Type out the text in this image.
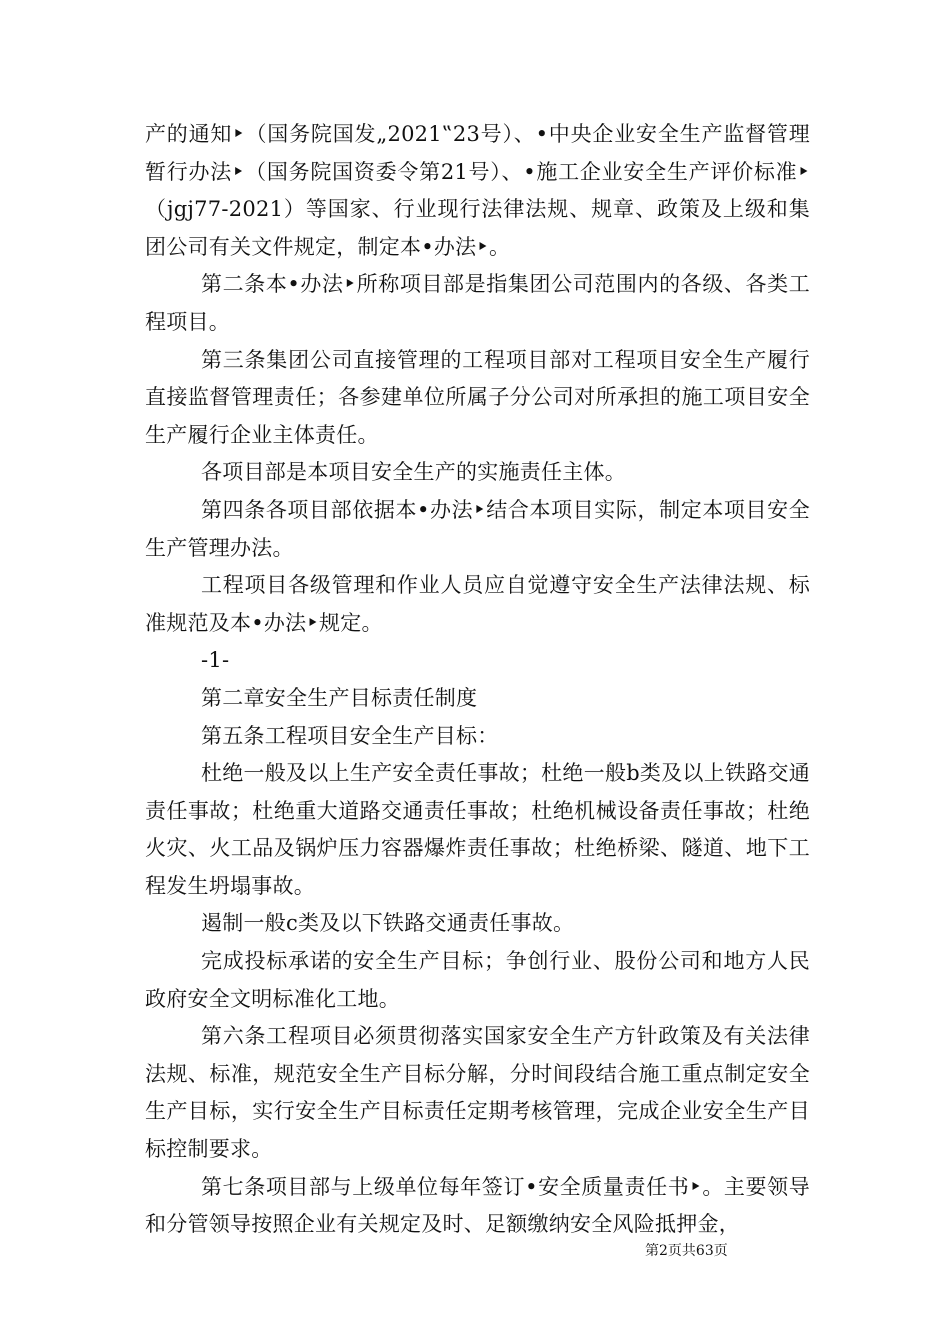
产的通知‣（国务院国发„2021‟23号）、•中央企业安全生产监督管理暂行办法‣（国务院国资委令第21号）、•施工企业安全生产评价标准‣（jgj77-2021）等国家、行业现行法律法规、规章、政策及上级和集团公司有关文件规定，制定本•办法‣。

第二条本•办法‣所称项目部是指集团公司范围内的各级、各类工程项目。

第三条集团公司直接管理的工程项目部对工程项目安全生产履行直接监督管理责任；各参建单位所属子分公司对所承担的施工项目安全生产履行企业主体责任。

各项目部是本项目安全生产的实施责任主体。

第四条各项目部依据本•办法‣结合本项目实际，制定本项目安全生产管理办法。

工程项目各级管理和作业人员应自觉遵守安全生产法律法规、标准规范及本•办法‣规定。

-1-

第二章安全生产目标责任制度

第五条工程项目安全生产目标：

杜绝一般及以上生产安全责任事故；杜绝一般b类及以上铁路交通责任事故；杜绝重大道路交通责任事故；杜绝机械设备责任事故；杜绝火灾、火工品及锅炉压力容器爆炸责任事故；杜绝桥梁、隧道、地下工程发生坍塌事故。

遏制一般c类及以下铁路交通责任事故。

完成投标承诺的安全生产目标；争创行业、股份公司和地方人民政府安全文明标准化工地。

第六条工程项目必须贯彻落实国家安全生产方针政策及有关法律法规、标准，规范安全生产目标分解，分时间段结合施工重点制定安全生产目标，实行安全生产目标责任定期考核管理，完成企业安全生产目标控制要求。

第七条项目部与上级单位每年签订•安全质量责任书‣。主要领导和分管领导按照企业有关规定及时、足额缴纳安全风险抵押金，

第2页共63页
